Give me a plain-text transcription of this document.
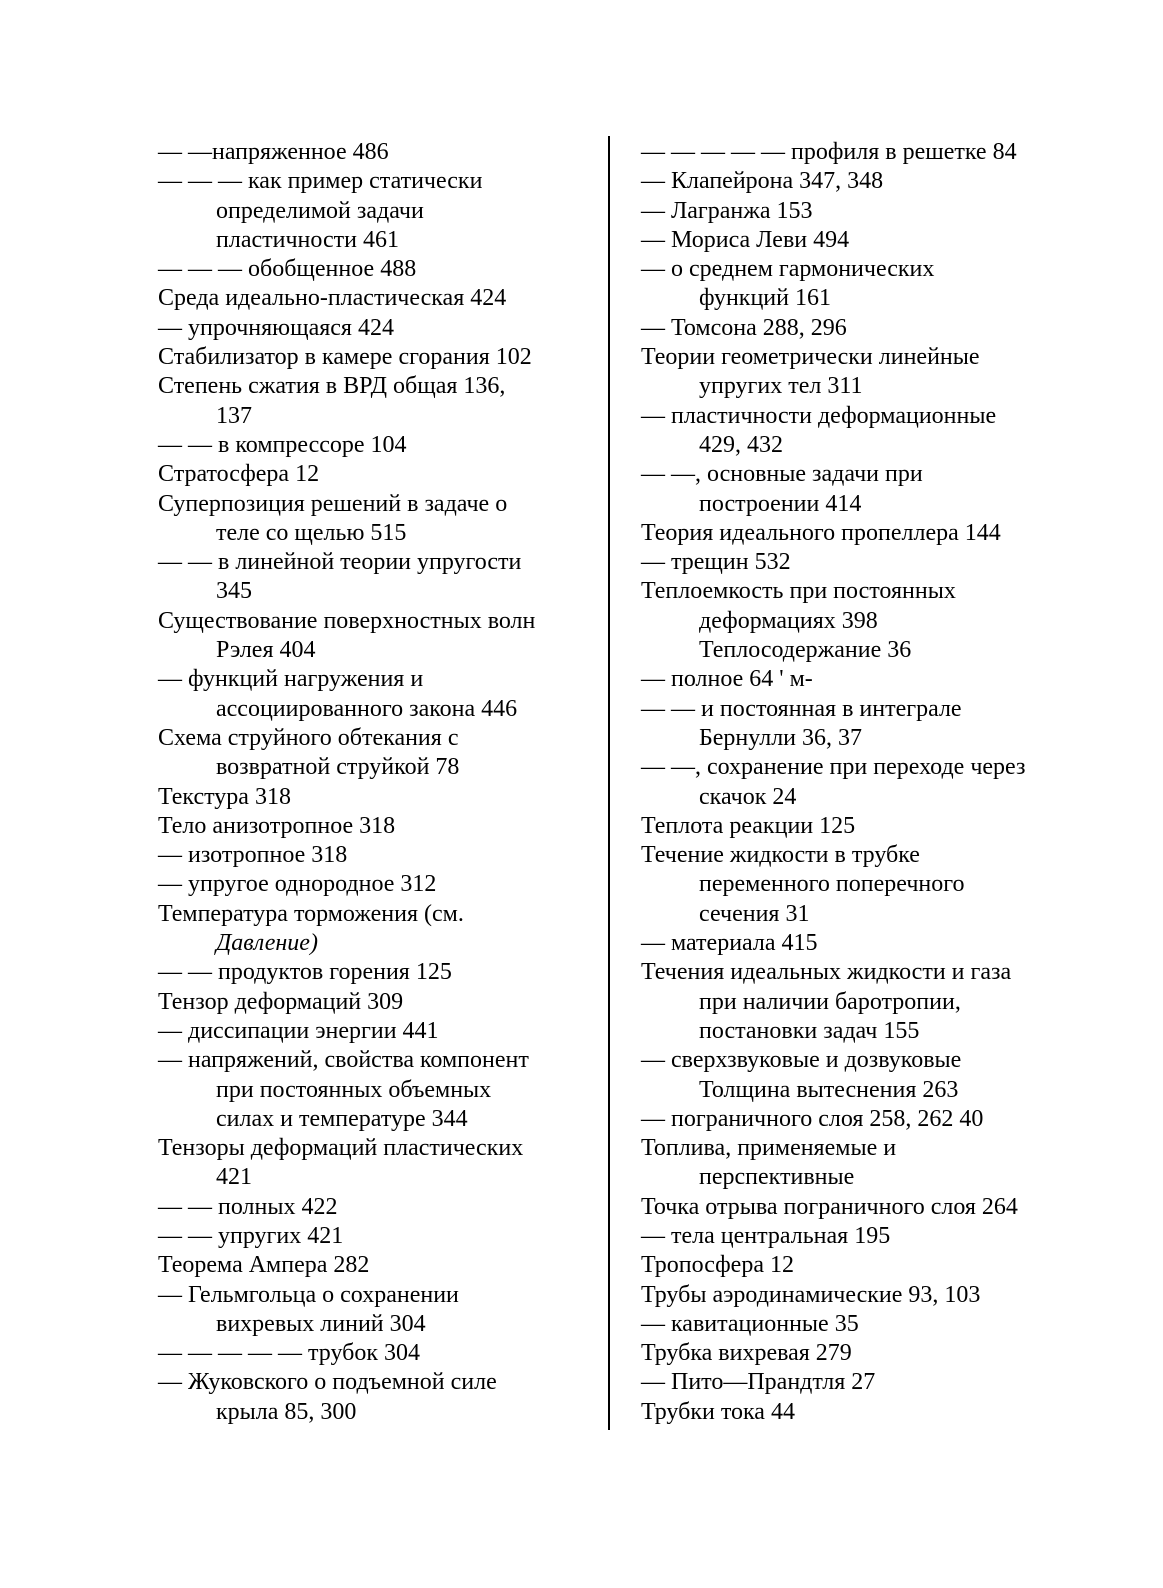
— —напряженное 486
— — — как пример статически
определимой задачи
пластичности 461
— — — обобщенное 488
Среда идеально-пластическая 424
— упрочняющаяся 424
Стабилизатор в камере сгорания 102
Степень сжатия в ВРД общая 136,
137
— — в компрессоре 104
Стратосфера 12
Суперпозиция решений в задаче о
теле со щелью 515
— — в линейной теории упругости
345
Существование поверхностных волн
Рэлея 404
— функций нагружения и
ассоциированного закона 446
Схема струйного обтекания с
возвратной струйкой 78
Текстура 318
Тело анизотропное 318
— изотропное 318
— упругое однородное 312
Температура торможения (см.
Давление)
— — продуктов горения 125
Тензор деформаций 309
— диссипации энергии 441
— напряжений, свойства компонент
при постоянных объемных
силах и температуре 344
Тензоры деформаций пластических
421
— — полных 422
— — упругих 421
Теорема Ампера 282
— Гельмгольца о сохранении
вихревых линий 304
— — — — — трубок 304
— Жуковского о подъемной силе
крыла 85, 300
— — — — — профиля в решетке 84
— Клапейрона 347, 348
— Лагранжа 153
— Мориса Леви 494
— о среднем гармонических
функций 161
— Томсона 288, 296
Теории геометрически линейные
упругих тел 311
— пластичности деформационные
429, 432
— —, основные задачи при
построении 414
Теория идеального пропеллера 144
— трещин 532
Теплоемкость при постоянных
деформациях 398
Теплосодержание 36
— полное 64 ' м-
— — и постоянная в интеграле
Бернулли 36, 37
— —, сохранение при переходе через
скачок 24
Теплота реакции 125
Течение жидкости в трубке
переменного поперечного
сечения 31
— материала 415
Течения идеальных жидкости и газа
при наличии баротропии,
постановки задач 155
— сверхзвуковые и дозвуковые
Толщина вытеснения 263
— пограничного слоя 258, 262 40
Топлива, применяемые и
перспективные
Точка отрыва пограничного слоя 264
— тела центральная 195
Тропосфера 12
Трубы аэродинамические 93, 103
— кавитационные 35
Трубка вихревая 279
— Пито—Прандтля 27
Трубки тока 44
